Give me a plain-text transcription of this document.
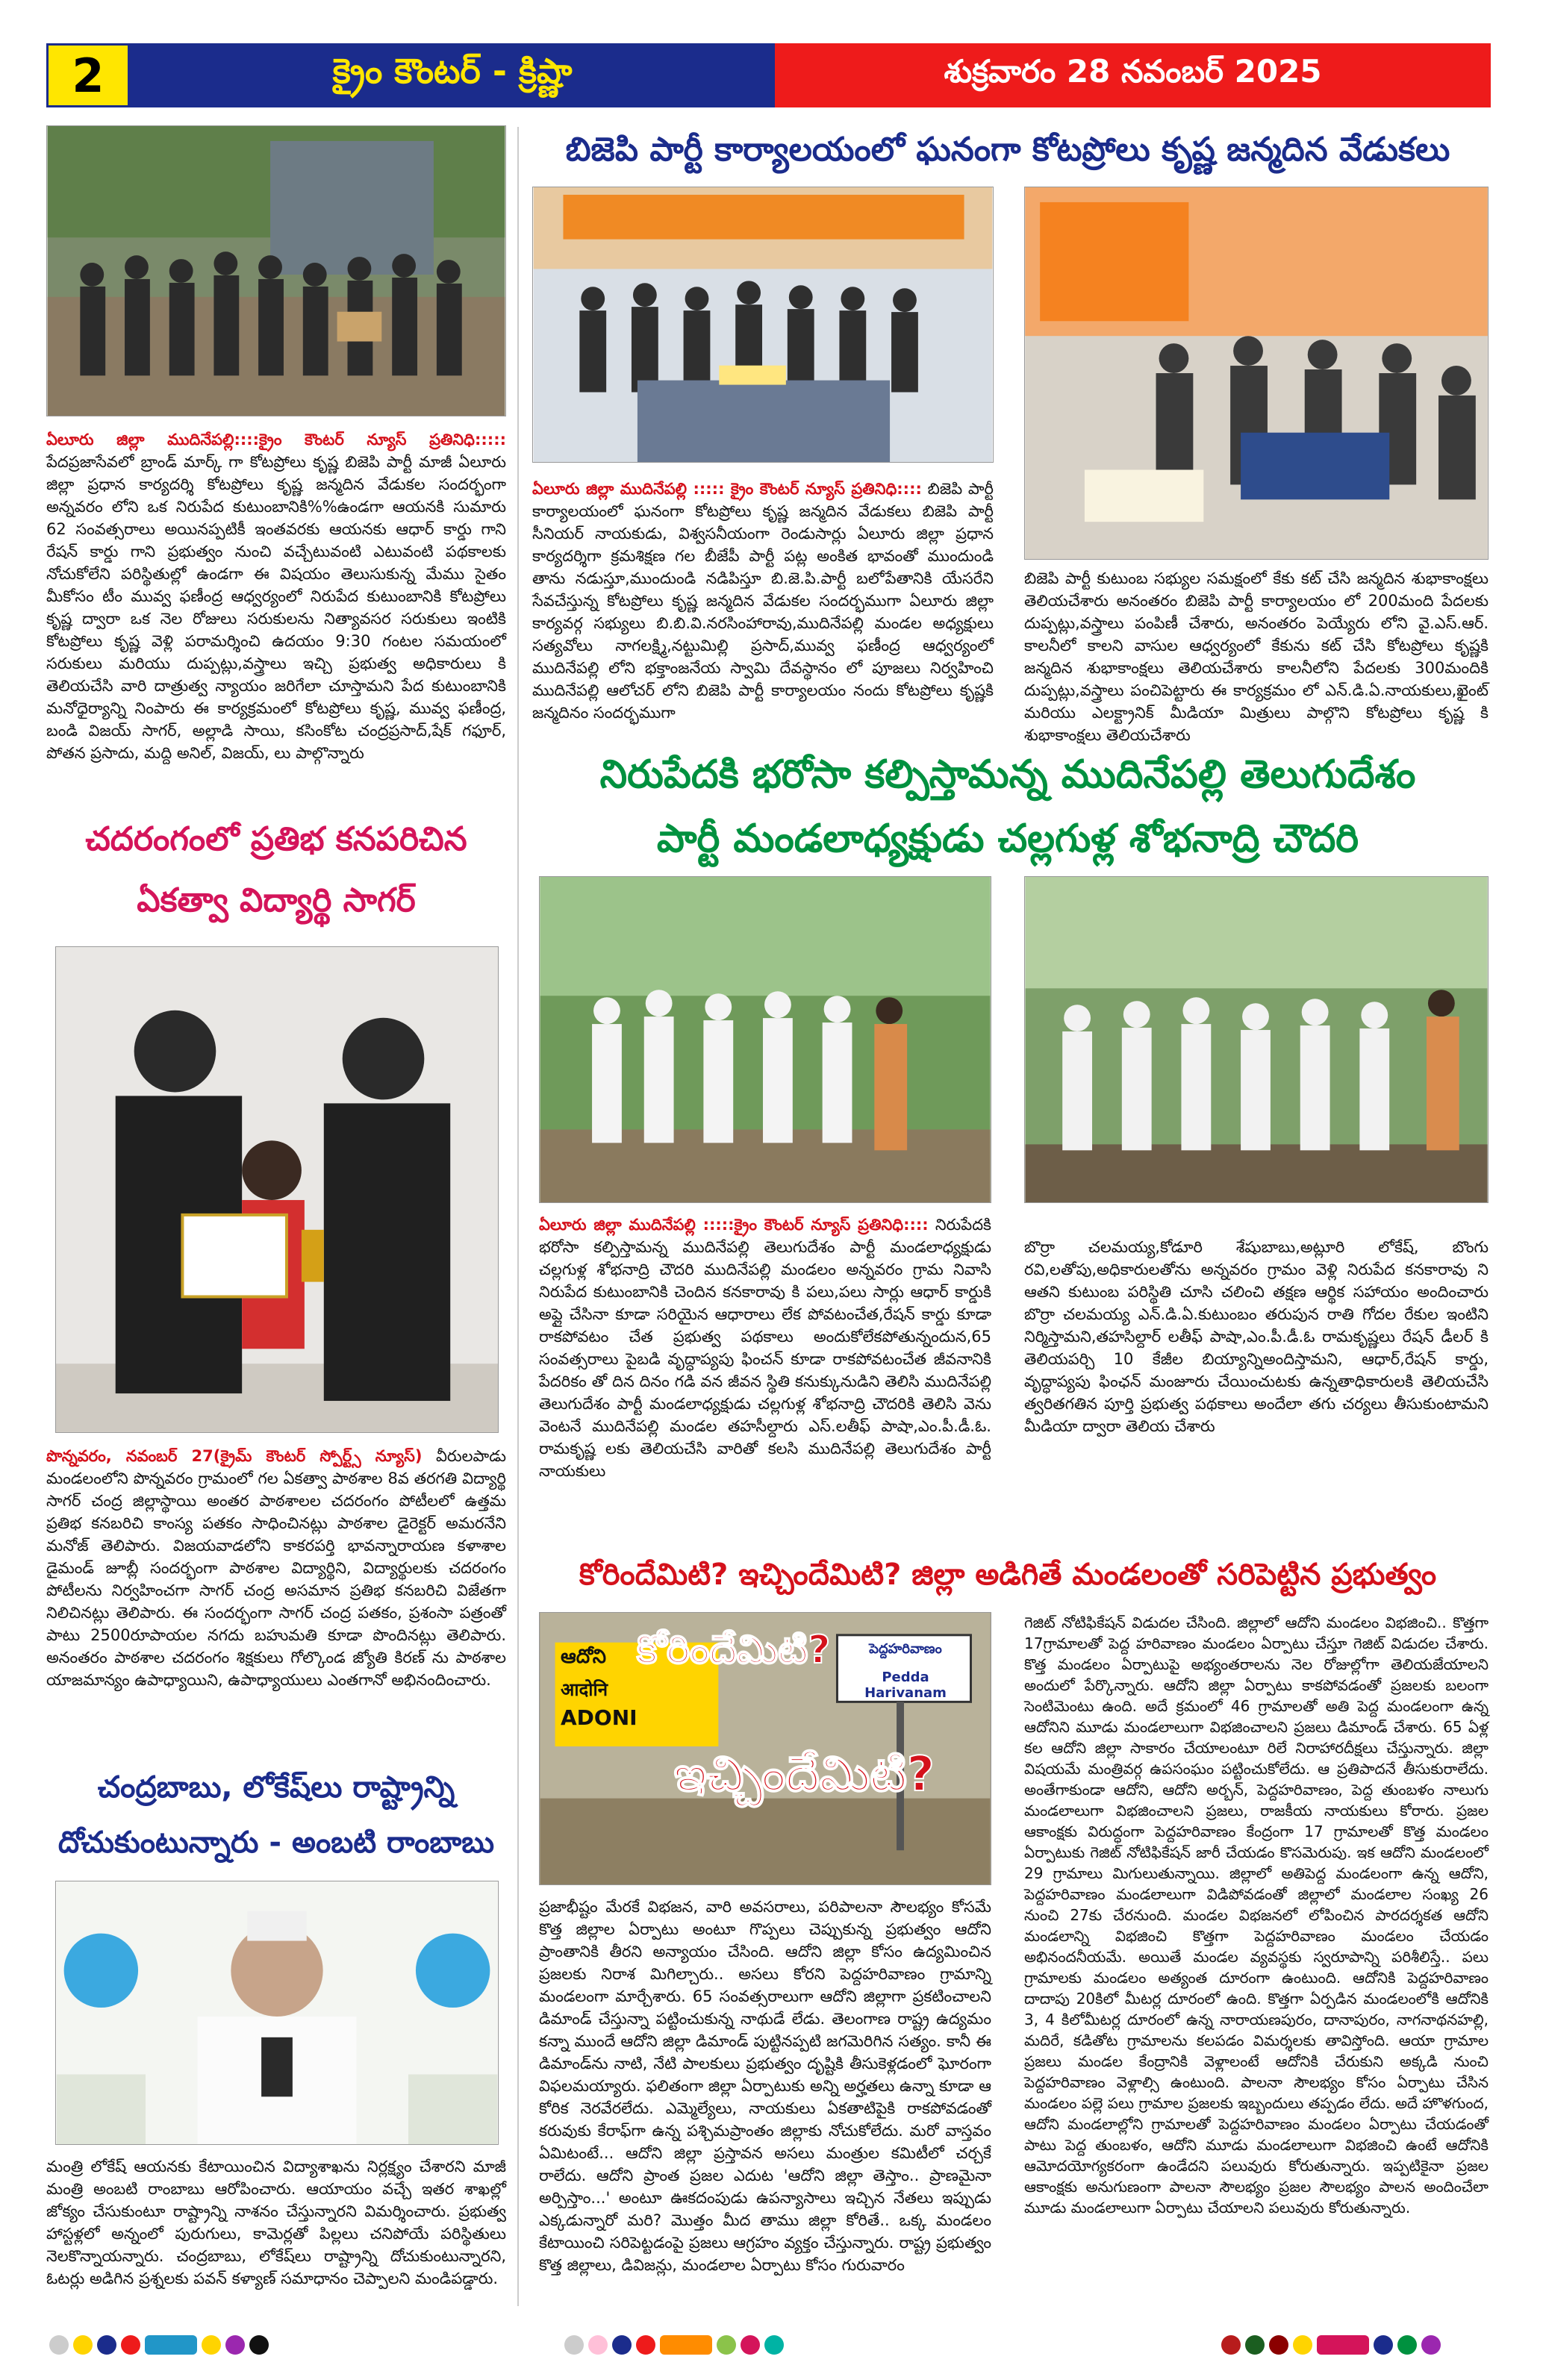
2	క్రైం కౌంటర్ - క్రిష్ణా	శుక్రవారం 28 నవంబర్ 2025
ఏలూరు జిల్లా ముదినేపల్లి::::క్రైం కౌంటర్ న్యూస్ ప్రతినిధి::::: పేదప్రజాసేవలో బ్రాండ్ మార్క్ గా కోటప్రోలు కృష్ణ బిజెపి పార్టీ మాజీ ఏలూరు జిల్లా ప్రధాన కార్యదర్శి కోటప్రోలు కృష్ణ జన్మదిన వేడుకల సందర్భంగా అన్నవరం లోని ఒక నిరుపేద కుటుంబానికి%%ఉండగా ఆయనకి సుమారు 62 సంవత్సరాలు అయినప్పటికీ ఇంతవరకు ఆయనకు ఆధార్ కార్డు గాని రేషన్ కార్డు గాని ప్రభుత్వం నుంచి వచ్చేటువంటి ఎటువంటి పథకాలకు నోచుకోలేని పరిస్థితుల్లో ఉండగా ఈ విషయం తెలుసుకున్న మేము సైతం మీకోసం టీం మువ్వ ఫణీంద్ర ఆధ్వర్యంలో నిరుపేద కుటుంబానికి కోటప్రోలు కృష్ణ ద్వారా ఒక నెల రోజులు సరుకులను నిత్యావసర సరుకులు ఇంటికి కోటప్రోలు కృష్ణ వెళ్లి పరామర్శించి ఉదయం 9:30 గంటల సమయంలో సరుకులు మరియు దుప్పట్లు,వస్త్రాలు ఇచ్చి ప్రభుత్వ అధికారులు కి తెలియచేసి వారి దాత్రుత్వ న్యాయం జరిగేలా చూస్తామని పేద కుటుంబానికి మనోధైర్యాన్ని నింపారు ఈ కార్యక్రమంలో కోటప్రోలు కృష్ణ, మువ్వ ఫణీంద్ర, బండి విజయ్ సాగర్, అల్లాడి సాయి, కసింకోట చంద్రప్రసాద్,షేక్ గఫూర్, పోతన ప్రసాదు, మద్ది అనిల్, విజయ్, లు పాల్గొన్నారు
బిజెపి పార్టీ కార్యాలయంలో ఘనంగా కోటప్రోలు కృష్ణ జన్మదిన వేడుకలు
ఏలూరు జిల్లా ముదినేపల్లి ::::: క్రైం కౌంటర్ న్యూస్ ప్రతినిధి:::: బిజెపి పార్టీ కార్యాలయంలో ఘనంగా కోటప్రోలు కృష్ణ జన్మదిన వేడుకలు బిజెపి పార్టీ సీనియర్ నాయకుడు, విశ్వసనీయంగా రెండుసార్లు ఏలూరు జిల్లా ప్రధాన కార్యదర్శిగా క్రమశిక్షణ గల బీజేపీ పార్టీ పట్ల అంకిత భావంతో ముందుండి తాను నడుస్తూ,ముందుండి నడిపిస్తూ బి.జె.పి.పార్టీ బలోపేతానికి యేసరేని సేవచేస్తున్న కోటప్రోలు కృష్ణ జన్మదిన వేడుకల సందర్భముగా ఏలూరు జిల్లా కార్యవర్గ సభ్యులు బి.బి.వి.నరసింహారావు,ముదినేపల్లి మండల అధ్యక్షులు సత్యవోలు నాగలక్ష్మి,నట్టుమిల్లి ప్రసాద్,మువ్వ ఫణీంద్ర ఆధ్వర్యంలో ముదినేపల్లి లోని భక్తాంజనేయ స్వామి దేవస్థానం లో పూజలు నిర్వహించి ముదినేపల్లి ఆలోచర్ లోని బిజెపి పార్టీ కార్యాలయం నందు కోటప్రోలు కృష్ణకి జన్మదినం సందర్భముగా
బిజెపి పార్టీ కుటుంబ సభ్యుల సమక్షంలో కేకు కట్ చేసి జన్మదిన శుభాకాంక్షలు తెలియచేశారు అనంతరం బిజెపి పార్టీ కార్యాలయం లో 200మంది పేదలకు దుప్పట్లు,వస్త్రాలు పంపిణీ చేశారు, అనంతరం పెయ్యేరు లోని వై.ఎస్.ఆర్. కాలనీలో కాలని వాసుల ఆధ్వర్యంలో కేకును కట్ చేసి కోటప్రోలు కృష్ణకి జన్మదిన శుభాకాంక్షలు తెలియచేశారు కాలనీలోని పేదలకు 300మందికి దుప్పట్లు,వస్త్రాలు పంచిపెట్టారు ఈ కార్యక్రమం లో ఎన్.డి.ఏ.నాయకులు,ఖైంట్ మరియు ఎలక్ట్రానిక్ మీడియా మిత్రులు పాల్గొని కోటప్రోలు కృష్ణ కి శుభాకాంక్షలు తెలియచేశారు
నిరుపేదకి భరోసా కల్పిస్తామన్న ముదినేపల్లి తెలుగుదేశం
పార్టీ మండలాధ్యక్షుడు చల్లగుళ్ల శోభనాద్రి చౌదరి
ఏలూరు జిల్లా ముదినేపల్లి :::::క్రైం కౌంటర్ న్యూస్ ప్రతినిధి:::: నిరుపేదకి భరోసా కల్పిస్తామన్న ముదినేపల్లి తెలుగుదేశం పార్టీ మండలాధ్యక్షుడు చల్లగుళ్ల శోభనాద్రి చౌదరి ముదినేపల్లి మండలం అన్నవరం గ్రామ నివాసి నిరుపేద కుటుంబానికి చెందిన కనకారావు కి పలు,పలు సార్లు ఆధార్ కార్డుకి అప్లై చేసినా కూడా సరియైన ఆధారాలు లేక పోవటంచేత,రేషన్ కార్డు కూడా రాకపోవటం చేత ప్రభుత్వ పథకాలు అందుకోలేకపోతున్నందున,65 సంవత్సరాలు పైబడి వృద్ధాప్యపు ఫించన్ కూడా రాకపోవటంచేత జీవనానికి పేదరికం తో దిన దినం గడి వన జీవన స్థితి కనుక్కునుడిని తెలిసి ముదినేపల్లి తెలుగుదేశం పార్టీ మండలాధ్యక్షుడు చల్లగుళ్ల శోభనాద్రి చౌదరికి తెలిసి వెను వెంటనే ముదినేపల్లి మండల తహసీల్దారు ఎస్.లతీఫ్ పాషా,ఎం.పీ.డీ.ఓ. రామకృష్ణ లకు తెలియచేసి వారితో కలసి ముదినేపల్లి తెలుగుదేశం పార్టీ నాయకులు
బొర్రా చలమయ్య,కోడూరి శేషుబాబు,అట్లూరి లోకేష్, బొంగు రవి,లతోపు,అధికారులతోను అన్నవరం గ్రామం వెళ్లి నిరుపేద కనకారావు ని ఆతని కుటుంబ పరిస్థితి చూసి చలించి తక్షణ ఆర్థిక సహాయం అందించారు బొర్రా చలమయ్య ఎన్.డి.ఏ.కుటుంబం తరుపున రాతి గోదల రేకుల ఇంటిని నిర్మిస్తామని,తహసిల్దార్ లతీఫ్ పాషా,ఎం.పీ.డీ.ఓ రామకృష్ణలు రేషన్ డీలర్ కి తెలియపర్చి 10 కేజీల బియ్యాన్నిఅందిస్తామని, ఆధార్,రేషన్ కార్డు, వృద్ధాప్యపు ఫింఛన్ మంజూరు చేయించుటకు ఉన్నతాధికారులకి తెలియచేసి త్వరితగతిన పూర్తి ప్రభుత్వ పథకాలు అందేలా తగు చర్యలు తీసుకుంటామని మీడియా ద్వారా తెలియ చేశారు
చదరంగంలో ప్రతిభ కనపరిచిన
ఏకత్వా విద్యార్థి సాగర్
పొన్నవరం, నవంబర్ 27(క్రైమ్ కౌంటర్ స్పోర్ట్స్ న్యూస్) వీరులపాడు మండలంలోని పొన్నవరం గ్రామంలో గల ఏకత్వా పాఠశాల 8వ తరగతి విద్యార్థి సాగర్ చంద్ర జిల్లాస్థాయి అంతర పాఠశాలల చదరంగం పోటీలలో ఉత్తమ ప్రతిభ కనబరిచి కాంస్య పతకం సాధించినట్లు పాఠశాల డైరెక్టర్ అమరనేని మనోజ్ తెలిపారు. విజయవాడలోని కాకరపర్తి భావన్నారాయణ కళాశాల డైమండ్ జూబ్లీ సందర్భంగా పాఠశాల విద్యార్థిని, విద్యార్థులకు చదరంగం పోటీలను నిర్వహించగా సాగర్ చంద్ర అసమాన ప్రతిభ కనబరిచి విజేతగా నిలిచినట్లు తెలిపారు. ఈ సందర్భంగా సాగర్ చంద్ర పతకం, ప్రశంసా పత్రంతో పాటు 2500రూపాయల నగదు బహుమతి కూడా పొందినట్లు తెలిపారు. అనంతరం పాఠశాల చదరంగం శిక్షకులు గోల్కొండ జ్యోతి కిరణ్ ను పాఠశాల యాజమాన్యం ఉపాధ్యాయిని, ఉపాధ్యాయులు ఎంతగానో అభినందించారు.
చంద్రబాబు, లోకేష్‌లు రాష్ట్రాన్ని
దోచుకుంటున్నారు - అంబటి రాంబాబు
మంత్రి లోకేష్ ఆయనకు కేటాయించిన విద్యాశాఖను నిర్లక్ష్యం చేశారని మాజీ మంత్రి అంబటి రాంబాబు ఆరోపించారు. ఆయాయం వచ్చే ఇతర శాఖల్లో జోక్యం చేసుకుంటూ రాష్ట్రాన్ని నాశనం చేస్తున్నారని విమర్శించారు. ప్రభుత్వ హాస్టళ్లలో అన్నంలో పురుగులు, కామెర్లతో పిల్లలు చనిపోయే పరిస్థితులు నెలకొన్నాయన్నారు. చంద్రబాబు, లోకేష్‌లు రాష్ట్రాన్ని దోచుకుంటున్నారని, ఓటర్లు అడిగిన ప్రశ్నలకు పవన్ కళ్యాణ్ సమాధానం చెప్పాలని మండిపడ్డారు.
కోరిందేమిటి? ఇచ్చిందేమిటి? జిల్లా అడిగితే మండలంతో సరిపెట్టిన ప్రభుత్వం
ఆదోని
आदोनि
ADONI
పెద్దహరివాణం
Pedda Harivanam
కోరిందేమిటి?
ఇచ్చిందేమిటి?
ప్రజాభీష్టం మేరకే విభజన, వారి అవసరాలు, పరిపాలనా సౌలభ్యం కోసమే కొత్త జిల్లాల ఏర్పాటు అంటూ గొప్పలు చెప్పుకున్న ప్రభుత్వం ఆదోని ప్రాంతానికి తీరని అన్యాయం చేసింది. ఆదోని జిల్లా కోసం ఉద్యమించిన ప్రజలకు నిరాశ మిగిల్చారు.. అసలు కోరని పెద్దహరివాణం గ్రామాన్ని మండలంగా మార్చేశారు. 65 సంవత్సరాలుగా ఆదోని జిల్లాగా ప్రకటించాలని డిమాండ్ చేస్తున్నా పట్టించుకున్న నాథుడే లేడు. తెలంగాణ రాష్ట్ర ఉద్యమం కన్నా ముందే ఆదోని జిల్లా డిమాండ్ పుట్టినప్పటి జగమెరిగిన సత్యం. కానీ ఈ డిమాండ్‌ను నాటి, నేటి పాలకులు ప్రభుత్వం దృష్టికి తీసుకెళ్లడంలో ఘోరంగా విఫలమయ్యారు. ఫలితంగా జిల్లా ఏర్పాటుకు అన్ని అర్హతలు ఉన్నా కూడా ఆ కోరిక నెరవేరలేదు. ఎమ్మెల్యేలు, నాయకులు ఏకతాటిపైకి రాకపోవడంతో కరువుకు కేరాఫ్‌గా ఉన్న పశ్చిమప్రాంతం జిల్లాకు నోచుకోలేదు. మరో వాస్తవం ఏమిటంటే... ఆదోని జిల్లా ప్రస్తావన అసలు మంత్రుల కమిటీలో చర్చకే రాలేదు. ఆదోని ప్రాంత ప్రజల ఎదుట 'ఆదోని జిల్లా తెస్తాం.. ప్రాణమైనా అర్పిస్తాం...' అంటూ ఊకదంపుడు ఉపన్యాసాలు ఇచ్చిన నేతలు ఇప్పుడు ఎక్కడున్నారో మరి? మొత్తం మీద తాము జిల్లా కోరితే.. ఒక్క మండలం కేటాయించి సరిపెట్టడంపై ప్రజలు ఆగ్రహం వ్యక్తం చేస్తున్నారు. రాష్ట్ర ప్రభుత్వం కొత్త జిల్లాలు, డివిజన్లు, మండలాల ఏర్పాటు కోసం గురువారం
గెజిట్ నోటిఫికేషన్ విడుదల చేసింది. జిల్లాలో ఆదోని మండలం విభజించి.. కొత్తగా 17గ్రామాలతో పెద్ద హరివాణం మండలం ఏర్పాటు చేస్తూ గెజిట్ విడుదల చేశారు. కొత్త మండలం ఏర్పాటుపై అభ్యంతరాలను నెల రోజుల్లోగా తెలియజేయాలని అందులో పేర్కొన్నారు. ఆదోని జిల్లా ఏర్పాటు కాకపోవడంతో ప్రజలకు బలంగా సెంటిమెంటు ఉంది. అదే క్రమంలో 46 గ్రామాలతో అతి పెద్ద మండలంగా ఉన్న ఆదోనిని మూడు మండలాలుగా విభజించాలని ప్రజలు డిమాండ్ చేశారు. 65 ఏళ్ల కల ఆదోని జిల్లా సాకారం చేయాలంటూ రిలే నిరాహారదీక్షలు చేస్తున్నారు. జిల్లా విషయమే మంత్రివర్గ ఉపసంఘం పట్టించుకోలేదు. ఆ ప్రతిపాదనే తీసుకురాలేదు. అంతేగాకుండా ఆదోని, ఆదోని అర్బన్, పెద్దహరివాణం, పెద్ద తుంబళం నాలుగు మండలాలుగా విభజించాలని ప్రజలు, రాజకీయ నాయకులు కోరారు. ప్రజల ఆకాంక్షకు విరుద్ధంగా పెద్దహరివాణం కేంద్రంగా 17 గ్రామాలతో కొత్త మండలం ఏర్పాటుకు గెజిట్ నోటిఫికేషన్ జారీ చేయడం కొసమెరుపు. ఇక ఆదోని మండలంలో 29 గ్రామాలు మిగులుతున్నాయి. జిల్లాలో అతిపెద్ద మండలంగా ఉన్న ఆదోని, పెద్దహరివాణం మండలాలుగా విడిపోవడంతో జిల్లాలో మండలాల సంఖ్య 26 నుంచి 27కు చేరనుంది. మండల విభజనలో లోపించిన పారదర్శకత ఆదోని మండలాన్ని విభజించి కొత్తగా పెద్దహరివాణం మండలం చేయడం అభినందనీయమే. అయితే మండల వ్యవస్థకు స్వరూపాన్ని పరిశీలిస్తే.. పలు గ్రామాలకు మండలం అత్యంత దూరంగా ఉంటుంది. ఆదోనికి పెద్దహరివాణం దాదాపు 20కిలో మీటర్ల దూరంలో ఉంది. కొత్తగా ఏర్పడిన మండలంలోకి ఆదోనికి 3, 4 కిలోమీటర్ల దూరంలో ఉన్న నారాయణపురం, దానాపురం, నాగనాథనహల్లి, మదిరే, కడితోట గ్రామాలను కలపడం విమర్శలకు తావిస్తోంది. ఆయా గ్రామాల ప్రజలు మండల కేంద్రానికి వెళ్లాలంటే ఆదోనికి చేరుకుని అక్కడి నుంచి పెద్దహరివాణం వెళ్లాల్సి ఉంటుంది. పాలనా సౌలభ్యం కోసం ఏర్పాటు చేసిన మండలం పల్లె పలు గ్రామాల ప్రజలకు ఇబ్బందులు తప్పడం లేదు. అదే హొళగుంద, ఆదోని మండలాల్లోని గ్రామాలతో పెద్దహరివాణం మండలం ఏర్పాటు చేయడంతో పాటు పెద్ద తుంబళం, ఆదోని మూడు మండలాలుగా విభజించి ఉంటే ఆదోనికి ఆమోదయోగ్యకరంగా ఉండేదని పలువురు కోరుతున్నారు. ఇప్పటికైనా ప్రజల ఆకాంక్షకు అనుగుణంగా పాలనా సౌలభ్యం ప్రజల సౌలభ్యం పాలన అందించేలా మూడు మండలాలుగా ఏర్పాటు చేయాలని పలువురు కోరుతున్నారు.
